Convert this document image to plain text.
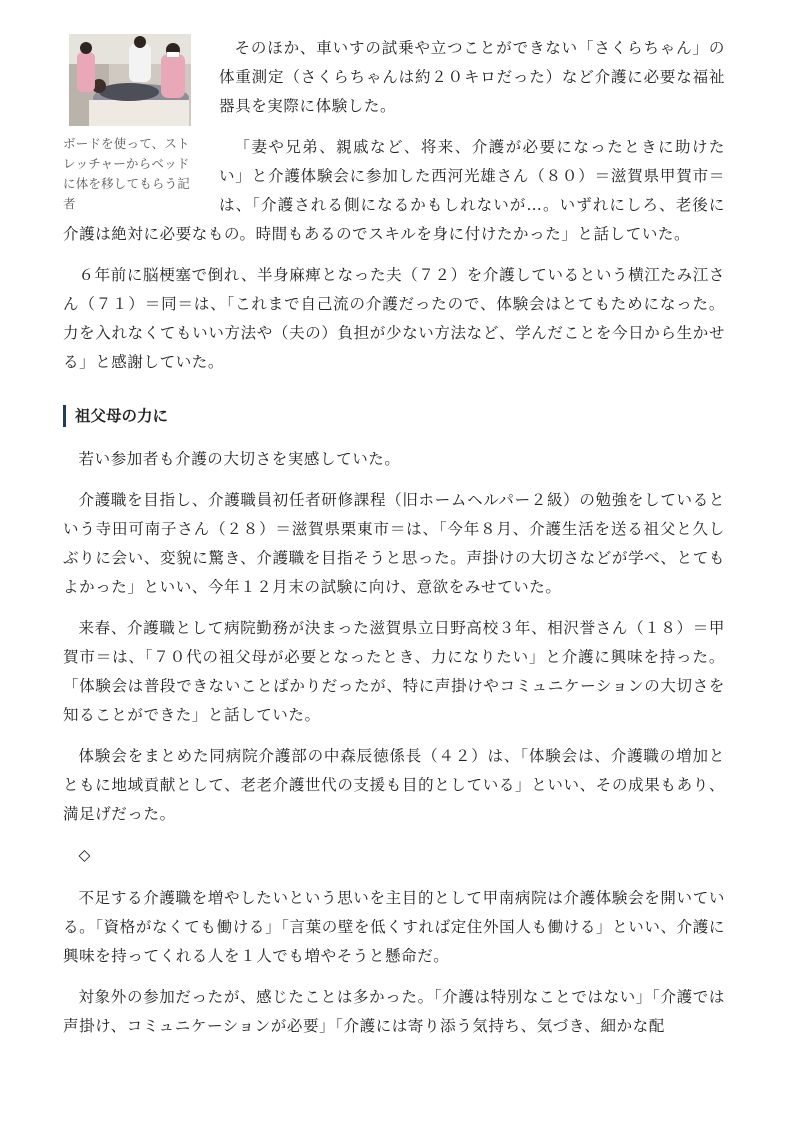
ボードを使って、ストレッチャーからベッドに体を移してもらう記者

そのほか、車いすの試乗や立つことができない「さくらちゃん」の体重測定（さくらちゃんは約２０キロだった）など介護に必要な福祉器具を実際に体験した。

「妻や兄弟、親戚など、将来、介護が必要になったときに助けたい」と介護体験会に参加した西河光雄さん（８０）＝滋賀県甲賀市＝は、「介護される側になるかもしれないが…。いずれにしろ、老後に介護は絶対に必要なもの。時間もあるのでスキルを身に付けたかった」と話していた。

６年前に脳梗塞で倒れ、半身麻痺となった夫（７２）を介護しているという横江たみ江さん（７１）＝同＝は、「これまで自己流の介護だったので、体験会はとてもためになった。力を入れなくてもいい方法や（夫の）負担が少ない方法など、学んだことを今日から生かせる」と感謝していた。

祖父母の力に

若い参加者も介護の大切さを実感していた。

介護職を目指し、介護職員初任者研修課程（旧ホームヘルパー２級）の勉強をしているという寺田可南子さん（２８）＝滋賀県栗東市＝は、「今年８月、介護生活を送る祖父と久しぶりに会い、変貌に驚き、介護職を目指そうと思った。声掛けの大切さなどが学べ、とてもよかった」といい、今年１２月末の試験に向け、意欲をみせていた。

来春、介護職として病院勤務が決まった滋賀県立日野高校３年、相沢誉さん（１８）＝甲賀市＝は、「７０代の祖父母が必要となったとき、力になりたい」と介護に興味を持った。「体験会は普段できないことばかりだったが、特に声掛けやコミュニケーションの大切さを知ることができた」と話していた。

体験会をまとめた同病院介護部の中森辰徳係長（４２）は、「体験会は、介護職の増加とともに地域貢献として、老老介護世代の支援も目的としている」といい、その成果もあり、満足げだった。

◇

不足する介護職を増やしたいという思いを主目的として甲南病院は介護体験会を開いている。「資格がなくても働ける」「言葉の壁を低くすれば定住外国人も働ける」といい、介護に興味を持ってくれる人を１人でも増やそうと懸命だ。

対象外の参加だったが、感じたことは多かった。「介護は特別なことではない」「介護では声掛け、コミュニケーションが必要」「介護には寄り添う気持ち、気づき、細かな配
